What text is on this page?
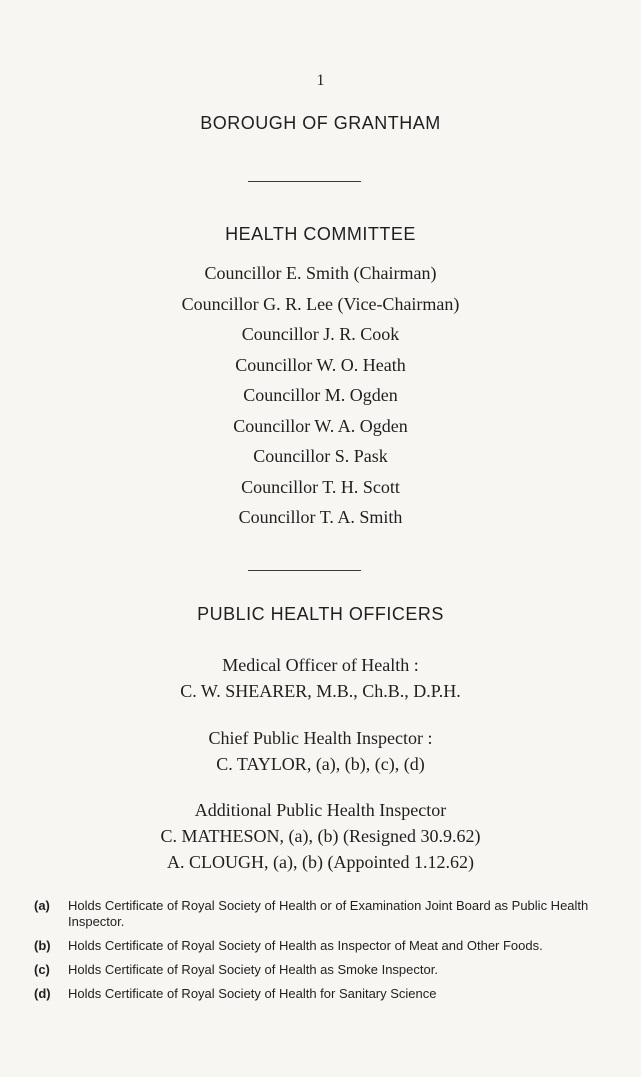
1
BOROUGH OF GRANTHAM
HEALTH COMMITTEE
Councillor E. Smith (Chairman)
Councillor G. R. Lee (Vice-Chairman)
Councillor J. R. Cook
Councillor W. O. Heath
Councillor M. Ogden
Councillor W. A. Ogden
Councillor S. Pask
Councillor T. H. Scott
Councillor T. A. Smith
PUBLIC HEALTH OFFICERS
Medical Officer of Health :
C. W. SHEARER, M.B., Ch.B., D.P.H.
Chief Public Health Inspector :
C. TAYLOR, (a), (b), (c), (d)
Additional Public Health Inspector
C. MATHESON, (a), (b) (Resigned 30.9.62)
A. CLOUGH, (a), (b) (Appointed 1.12.62)
(a) Holds Certificate of Royal Society of Health or of Examination Joint Board as Public Health Inspector.
(b) Holds Certificate of Royal Society of Health as Inspector of Meat and Other Foods.
(c) Holds Certificate of Royal Society of Health as Smoke Inspector.
(d) Holds Certificate of Royal Society of Health for Sanitary Science
